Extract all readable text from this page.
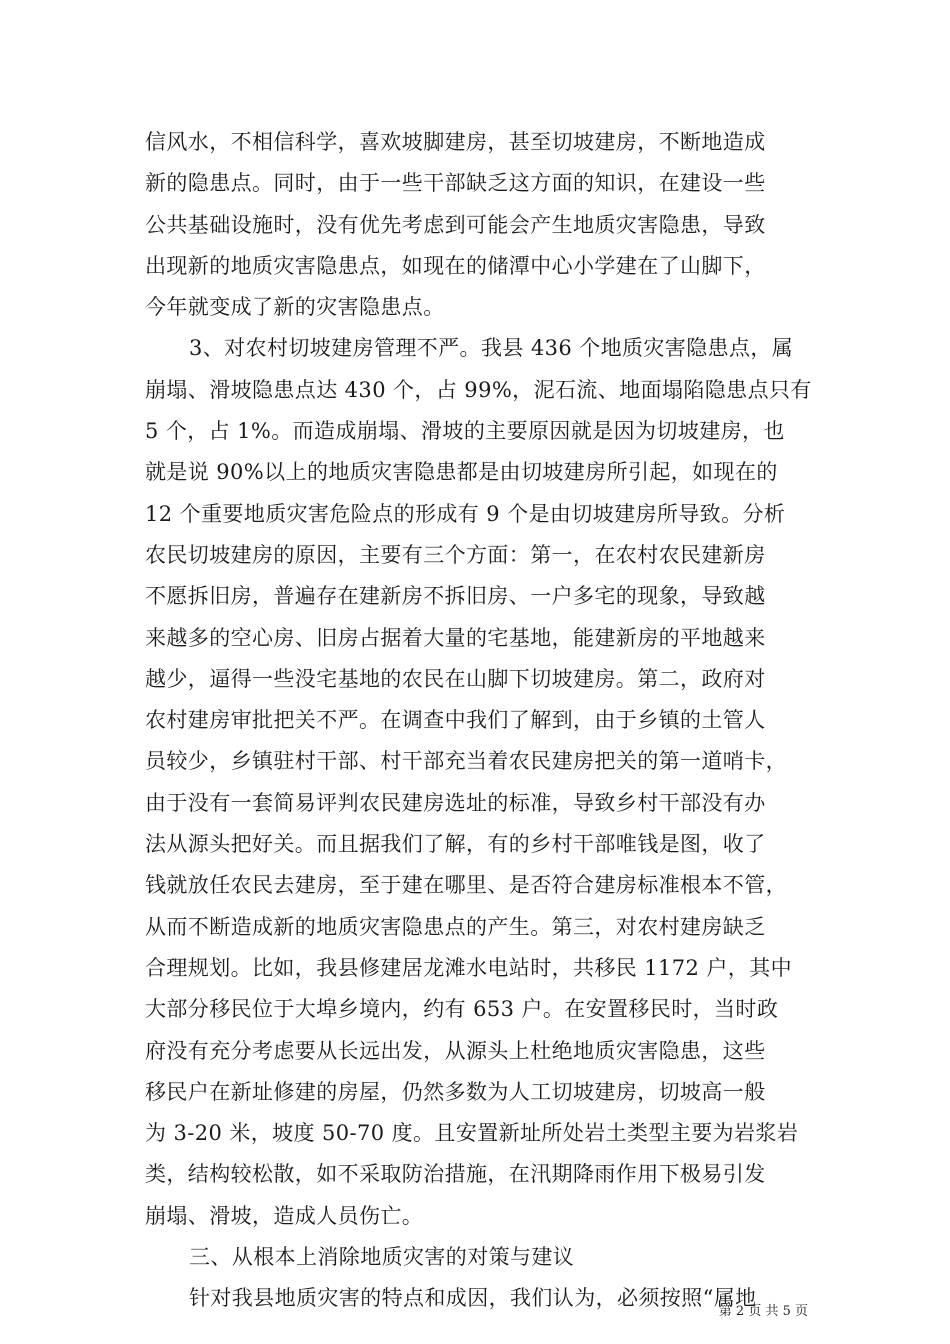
信风水，不相信科学，喜欢坡脚建房，甚至切坡建房，不断地造成
新的隐患点。同时，由于一些干部缺乏这方面的知识，在建设一些
公共基础设施时，没有优先考虑到可能会产生地质灾害隐患，导致
出现新的地质灾害隐患点，如现在的储潭中心小学建在了山脚下，
今年就变成了新的灾害隐患点。
3、对农村切坡建房管理不严。我县 436 个地质灾害隐患点，属
崩塌、滑坡隐患点达 430 个，占 99%，泥石流、地面塌陷隐患点只有
5 个，占 1%。而造成崩塌、滑坡的主要原因就是因为切坡建房，也
就是说 90%以上的地质灾害隐患都是由切坡建房所引起，如现在的
12 个重要地质灾害危险点的形成有 9 个是由切坡建房所导致。分析
农民切坡建房的原因，主要有三个方面：第一，在农村农民建新房
不愿拆旧房，普遍存在建新房不拆旧房、一户多宅的现象，导致越
来越多的空心房、旧房占据着大量的宅基地，能建新房的平地越来
越少，逼得一些没宅基地的农民在山脚下切坡建房。第二，政府对
农村建房审批把关不严。在调查中我们了解到，由于乡镇的土管人
员较少，乡镇驻村干部、村干部充当着农民建房把关的第一道哨卡，
由于没有一套简易评判农民建房选址的标准，导致乡村干部没有办
法从源头把好关。而且据我们了解，有的乡村干部唯钱是图，收了
钱就放任农民去建房，至于建在哪里、是否符合建房标准根本不管，
从而不断造成新的地质灾害隐患点的产生。第三，对农村建房缺乏
合理规划。比如，我县修建居龙滩水电站时，共移民 1172 户，其中
大部分移民位于大埠乡境内，约有 653 户。在安置移民时，当时政
府没有充分考虑要从长远出发，从源头上杜绝地质灾害隐患，这些
移民户在新址修建的房屋，仍然多数为人工切坡建房，切坡高一般
为 3-20 米，坡度 50-70 度。且安置新址所处岩土类型主要为岩浆岩
类，结构较松散，如不采取防治措施，在汛期降雨作用下极易引发
崩塌、滑坡，造成人员伤亡。
三、从根本上消除地质灾害的对策与建议
针对我县地质灾害的特点和成因，我们认为，必须按照“属地
第 2 页 共 5 页
